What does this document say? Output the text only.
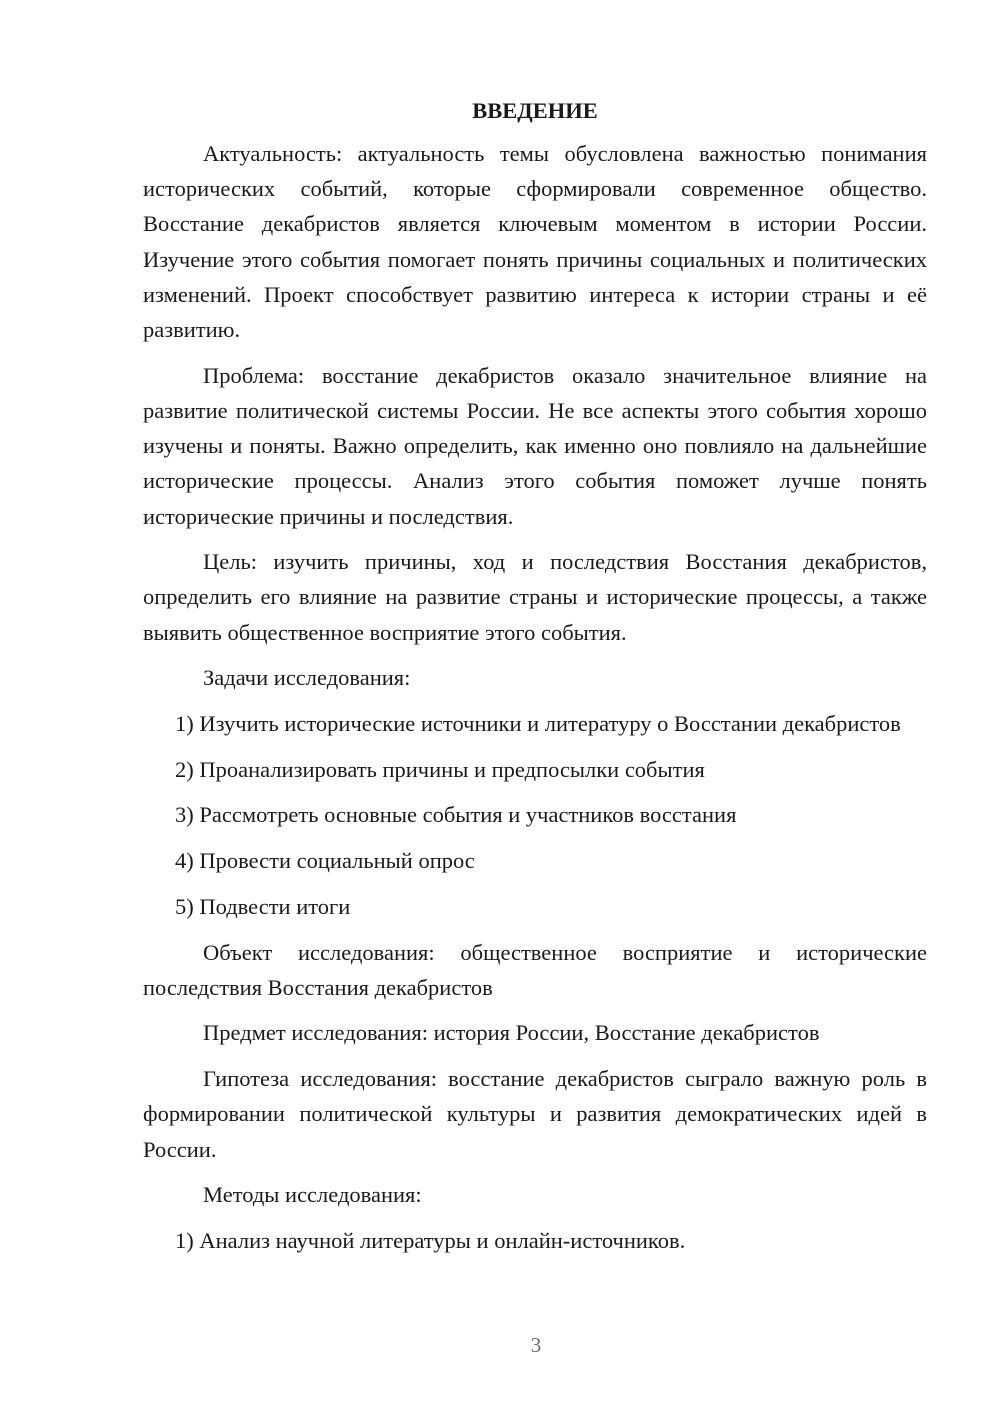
ВВЕДЕНИЕ

Актуальность: актуальность темы обусловлена важностью понимания исторических событий, которые сформировали современное общество. Восстание декабристов является ключевым моментом в истории России. Изучение этого события помогает понять причины социальных и политических изменений. Проект способствует развитию интереса к истории страны и её развитию.

Проблема: восстание декабристов оказало значительное влияние на развитие политической системы России. Не все аспекты этого события хорошо изучены и поняты. Важно определить, как именно оно повлияло на дальнейшие исторические процессы. Анализ этого события поможет лучше понять исторические причины и последствия.

Цель: изучить причины, ход и последствия Восстания декабристов, определить его влияние на развитие страны и исторические процессы, а также выявить общественное восприятие этого события.

Задачи исследования:

1) Изучить исторические источники и литературу о Восстании декабристов

2) Проанализировать причины и предпосылки события

3) Рассмотреть основные события и участников восстания

4) Провести социальный опрос

5) Подвести итоги

Объект исследования: общественное восприятие и исторические последствия Восстания декабристов

Предмет исследования: история России, Восстание декабристов

Гипотеза исследования: восстание декабристов сыграло важную роль в формировании политической культуры и развития демократических идей в России.

Методы исследования:

1) Анализ научной литературы и онлайн-источников.

3
